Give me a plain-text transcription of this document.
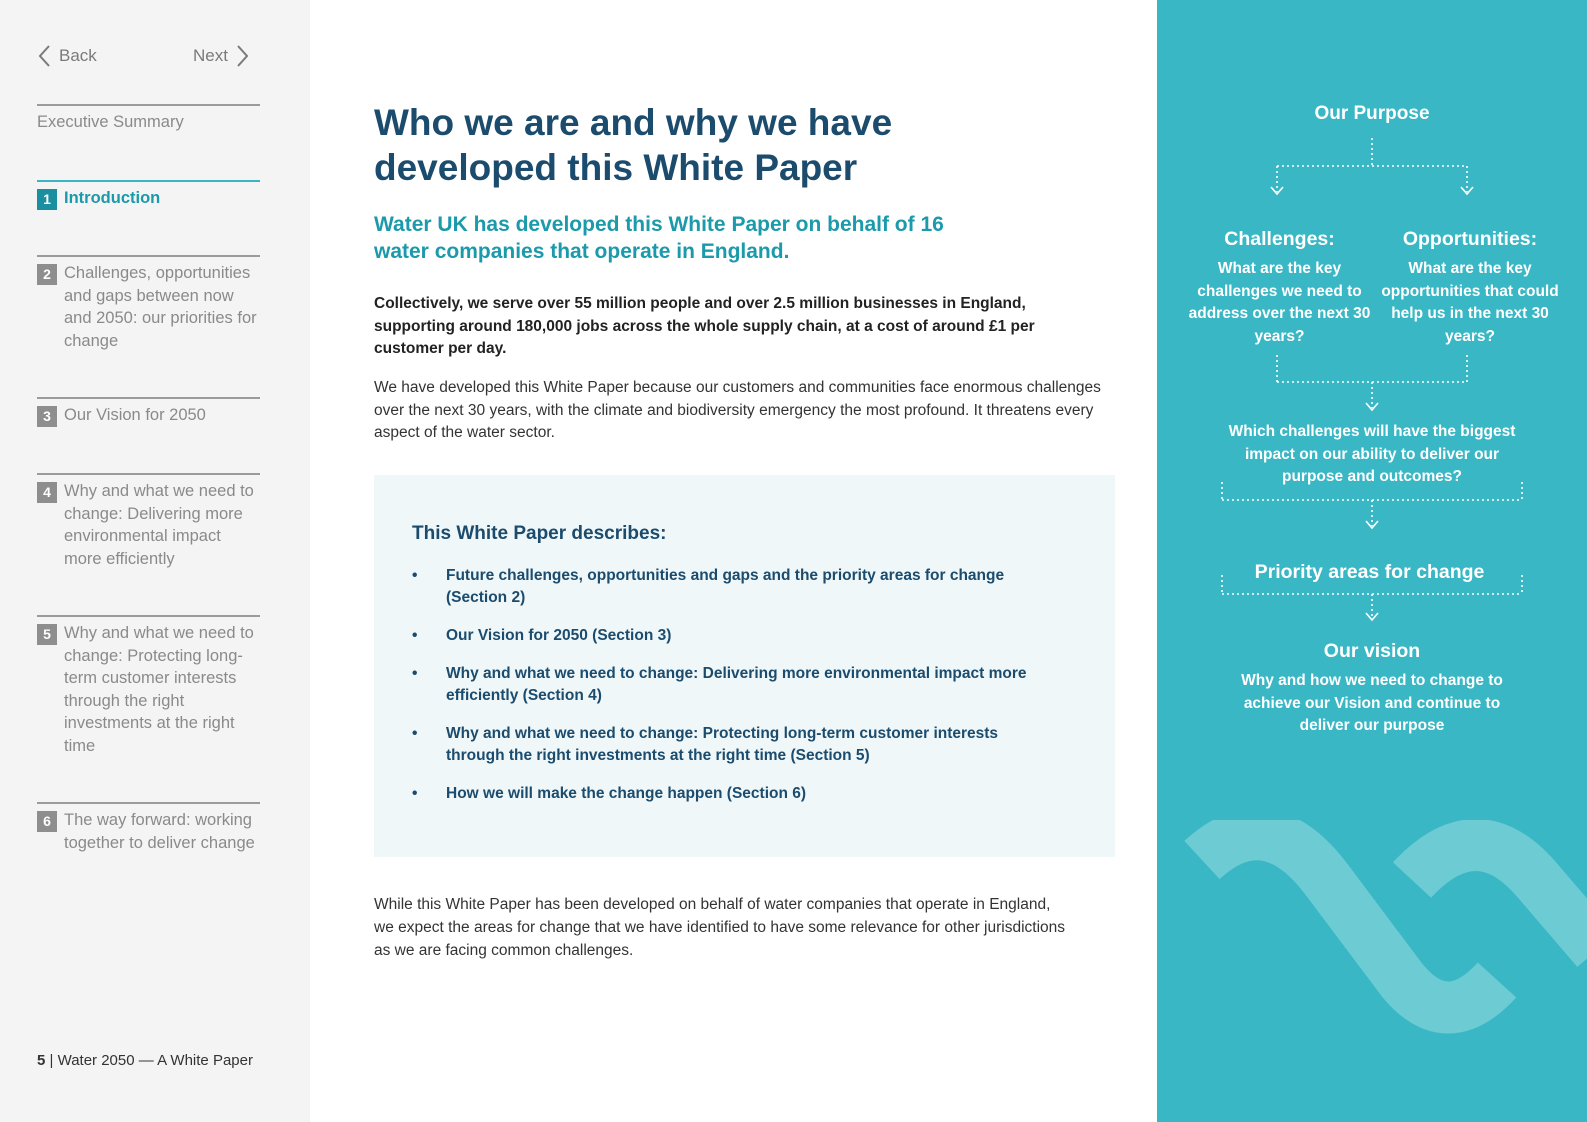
Back	Next
Executive Summary
1 Introduction
2 Challenges, opportunities and gaps between now and 2050: our priorities for change
3 Our Vision for 2050
4 Why and what we need to change: Delivering more environmental impact more efficiently
5 Why and what we need to change: Protecting long-term customer interests through the right investments at the right time
6 The way forward: working together to deliver change
5 | Water 2050 — A White Paper
Who we are and why we have developed this White Paper

Water UK has developed this White Paper on behalf of 16 water companies that operate in England.

Collectively, we serve over 55 million people and over 2.5 million businesses in England, supporting around 180,000 jobs across the whole supply chain, at a cost of around £1 per customer per day.

We have developed this White Paper because our customers and communities face enormous challenges over the next 30 years, with the climate and biodiversity emergency the most profound. It threatens every aspect of the water sector.

This White Paper describes:
•	Future challenges, opportunities and gaps and the priority areas for change (Section 2)
•	Our Vision for 2050 (Section 3)
•	Why and what we need to change: Delivering more environmental impact more efficiently (Section 4)
•	Why and what we need to change: Protecting long-term customer interests through the right investments at the right time (Section 5)
•	How we will make the change happen (Section 6)

While this White Paper has been developed on behalf of water companies that operate in England, we expect the areas for change that we have identified to have some relevance for other jurisdictions as we are facing common challenges.

Our Purpose
Challenges:
What are the key challenges we need to address over the next 30 years?
Opportunities:
What are the key opportunities that could help us in the next 30 years?
Which challenges will have the biggest impact on our ability to deliver our purpose and outcomes?
Priority areas for change
Our vision
Why and how we need to change to achieve our Vision and continue to deliver our purpose
